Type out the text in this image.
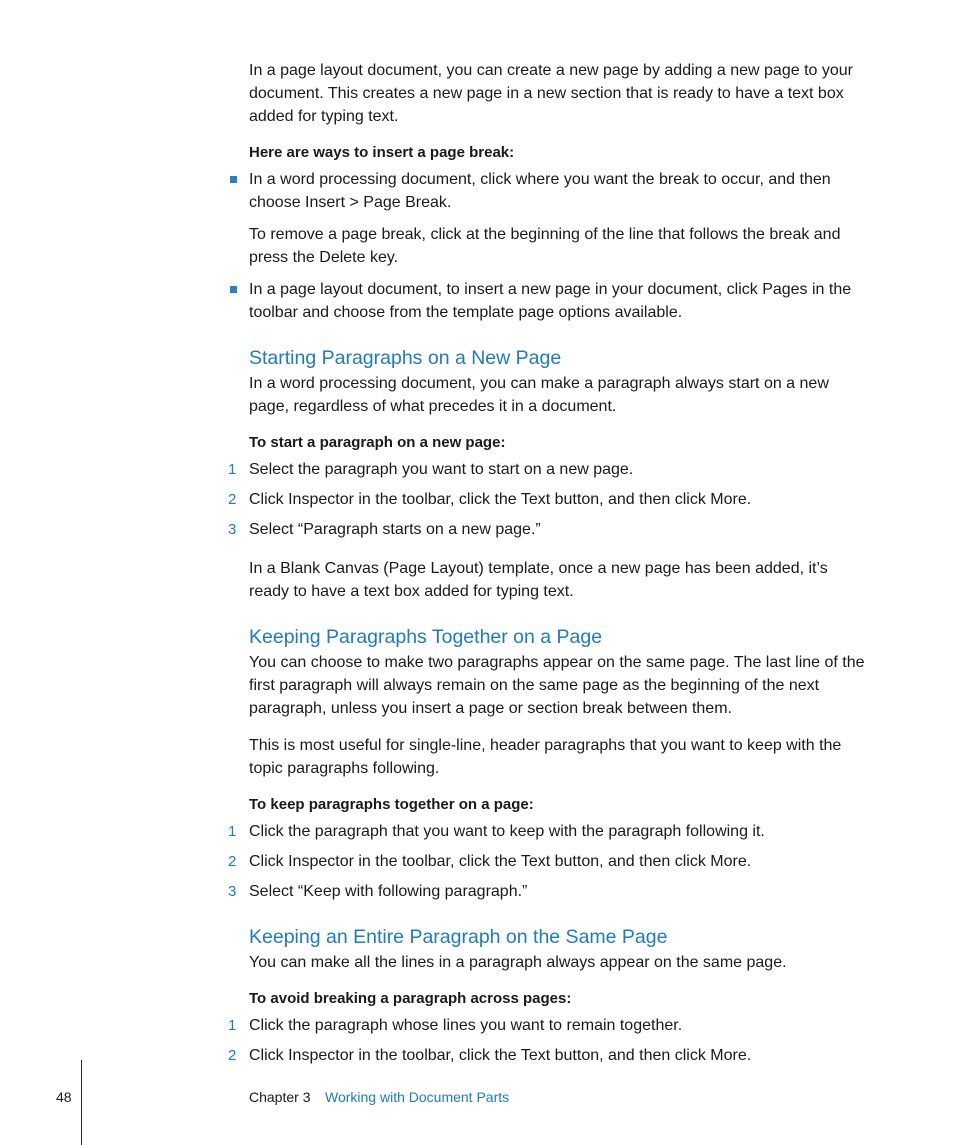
In a page layout document, you can create a new page by adding a new page to your document. This creates a new page in a new section that is ready to have a text box added for typing text.

Here are ways to insert a page break:

In a word processing document, click where you want the break to occur, and then choose Insert > Page Break.
To remove a page break, click at the beginning of the line that follows the break and press the Delete key.
In a page layout document, to insert a new page in your document, click Pages in the toolbar and choose from the template page options available.
Starting Paragraphs on a New Page

In a word processing document, you can make a paragraph always start on a new page, regardless of what precedes it in a document.

To start a paragraph on a new page:

1 Select the paragraph you want to start on a new page.
2 Click Inspector in the toolbar, click the Text button, and then click More.
3 Select “Paragraph starts on a new page.”

In a Blank Canvas (Page Layout) template, once a new page has been added, it’s ready to have a text box added for typing text.

Keeping Paragraphs Together on a Page

You can choose to make two paragraphs appear on the same page. The last line of the first paragraph will always remain on the same page as the beginning of the next paragraph, unless you insert a page or section break between them.

This is most useful for single-line, header paragraphs that you want to keep with the topic paragraphs following.

To keep paragraphs together on a page:

1 Click the paragraph that you want to keep with the paragraph following it.
2 Click Inspector in the toolbar, click the Text button, and then click More.
3 Select “Keep with following paragraph.”
Keeping an Entire Paragraph on the Same Page

You can make all the lines in a paragraph always appear on the same page.

To avoid breaking a paragraph across pages:

1 Click the paragraph whose lines you want to remain together.
2 Click Inspector in the toolbar, click the Text button, and then click More.
48	Chapter 3 Working with Document Parts
